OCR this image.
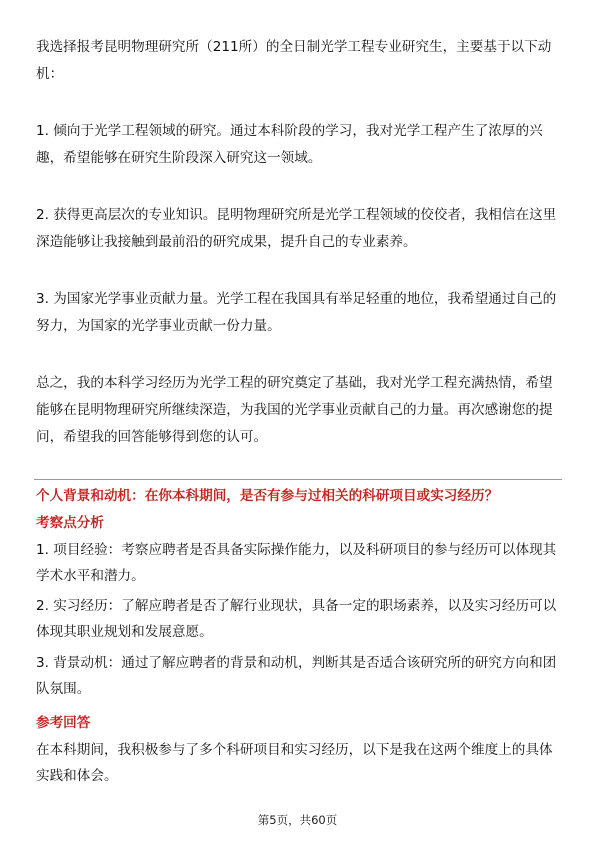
我选择报考昆明物理研究所（211所）的全日制光学工程专业研究生，主要基于以下动机：

1. 倾向于光学工程领域的研究。通过本科阶段的学习，我对光学工程产生了浓厚的兴趣，希望能够在研究生阶段深入研究这一领域。

2. 获得更高层次的专业知识。昆明物理研究所是光学工程领域的佼佼者，我相信在这里深造能够让我接触到最前沿的研究成果，提升自己的专业素养。

3. 为国家光学事业贡献力量。光学工程在我国具有举足轻重的地位，我希望通过自己的努力，为国家的光学事业贡献一份力量。

总之，我的本科学习经历为光学工程的研究奠定了基础，我对光学工程充满热情，希望能够在昆明物理研究所继续深造，为我国的光学事业贡献自己的力量。再次感谢您的提问，希望我的回答能够得到您的认可。

个人背景和动机：在你本科期间，是否有参与过相关的科研项目或实习经历？

考察点分析

1. 项目经验：考察应聘者是否具备实际操作能力，以及科研项目的参与经历可以体现其学术水平和潜力。

2. 实习经历：了解应聘者是否了解行业现状，具备一定的职场素养，以及实习经历可以体现其职业规划和发展意愿。

3. 背景动机：通过了解应聘者的背景和动机，判断其是否适合该研究所的研究方向和团队氛围。

参考回答

在本科期间，我积极参与了多个科研项目和实习经历，以下是我在这两个维度上的具体实践和体会。

第5页，共60页
